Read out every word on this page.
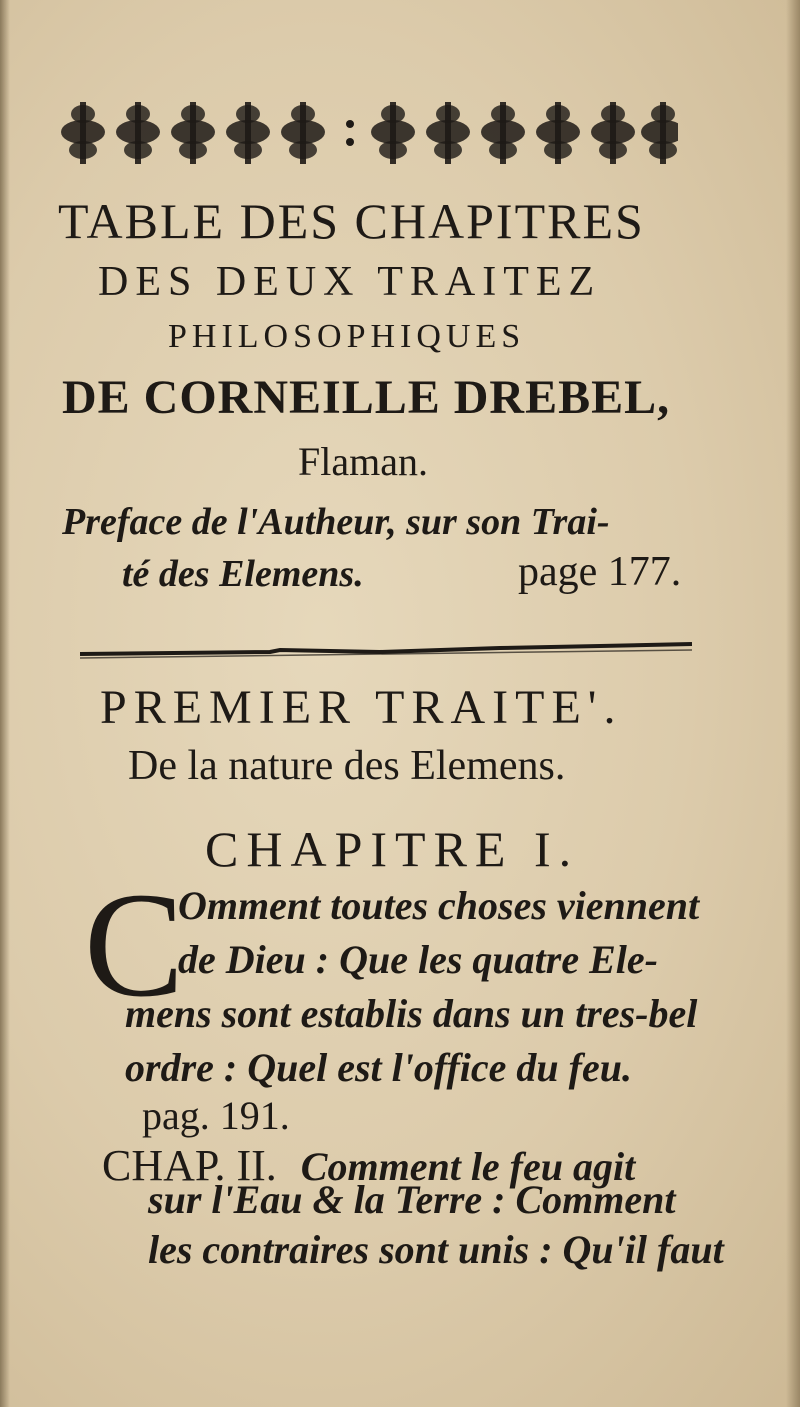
TABLE DES CHAPITRES
DES DEUX TRAITEZ
PHILOSOPHIQUES
DE CORNEILLE DREBEL,
Flaman.
Preface de l'Autheur, sur son Trai-
té des Elemens.	page 177.
PREMIER TRAITE'.
De la nature des Elemens.
CHAPITRE I.
C
Omment toutes choses viennent
de Dieu : Que les quatre Ele-
mens sont establis dans un tres-bel
ordre : Quel est l'office du feu.
pag. 191.
CHAP. II. Comment le feu agit
sur l'Eau & la Terre : Comment
les contraires sont unis : Qu'il faut
